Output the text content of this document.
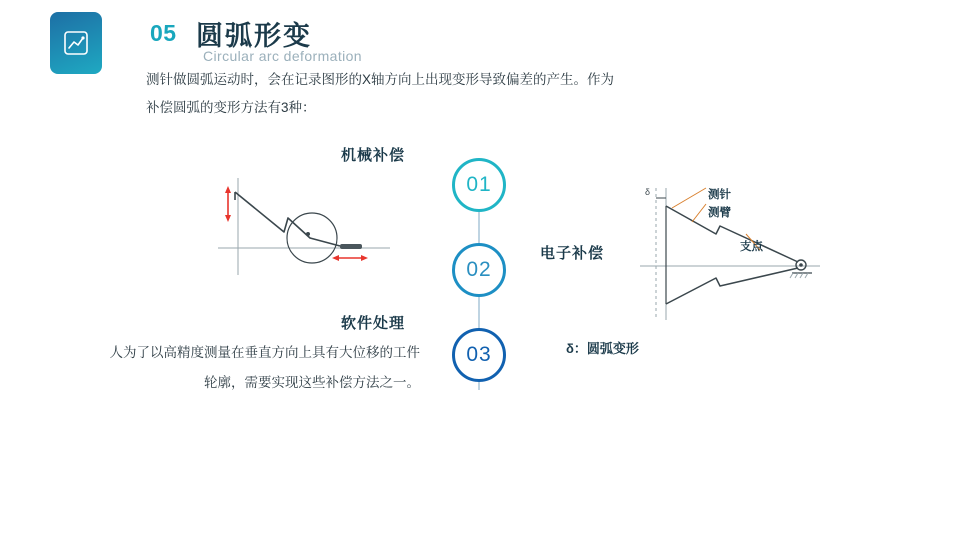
05 圆弧形变
Circular arc deformation
测针做圆弧运动时，会在记录图形的X轴方向上出现变形导致偏差的产生。作为补偿圆弧的变形方法有3种：
机械补偿
电子补偿
软件处理
人为了以高精度测量在垂直方向上具有大位移的工件轮廓，需要实现这些补偿方法之一。
01
02
03
δ	测针
测臂
支点
δ：圆弧变形
